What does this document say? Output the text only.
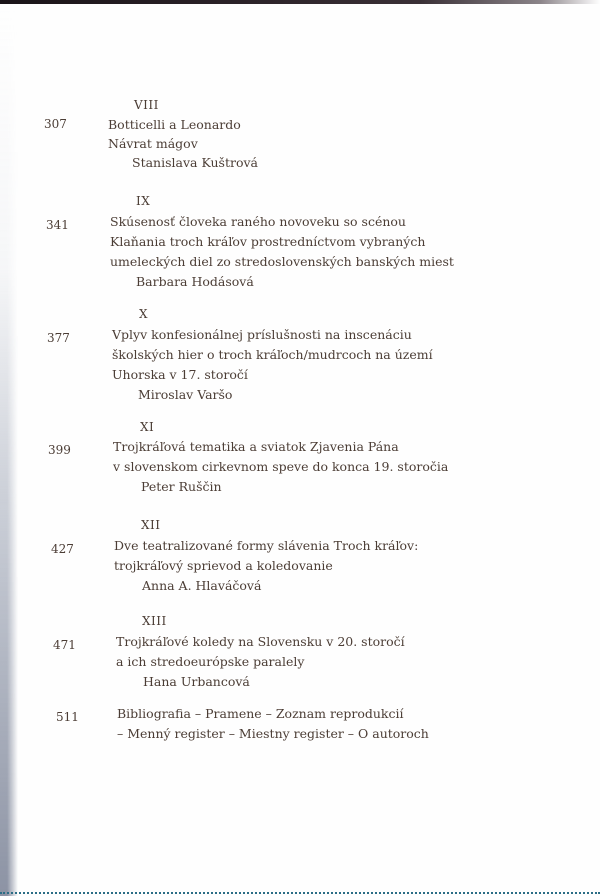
VIII
307	Botticelli a Leonardo
Návrat mágov
Stanislava Kuštrová
IX
341	Skúsenosť človeka raného novoveku so scénou
Klaňania troch kráľov prostredníctvom vybraných
umeleckých diel zo stredoslovenských banských miest
Barbara Hodásová
X
377	Vplyv konfesionálnej príslušnosti na inscenáciu
školských hier o troch kráľoch/mudrcoch na území
Uhorska v 17. storočí
Miroslav Varšo
XI
399	Trojkráľová tematika a sviatok Zjavenia Pána
v slovenskom cirkevnom speve do konca 19. storočia
Peter Ruščin
XII
427	Dve teatralizované formy slávenia Troch kráľov:
trojkráľový sprievod a koledovanie
Anna A. Hlaváčová
XIII
471	Trojkráľové koledy na Slovensku v 20. storočí
a ich stredoeurópske paralely
Hana Urbancová
511	Bibliografia – Pramene – Zoznam reprodukcií
– Menný register – Miestny register – O autoroch
